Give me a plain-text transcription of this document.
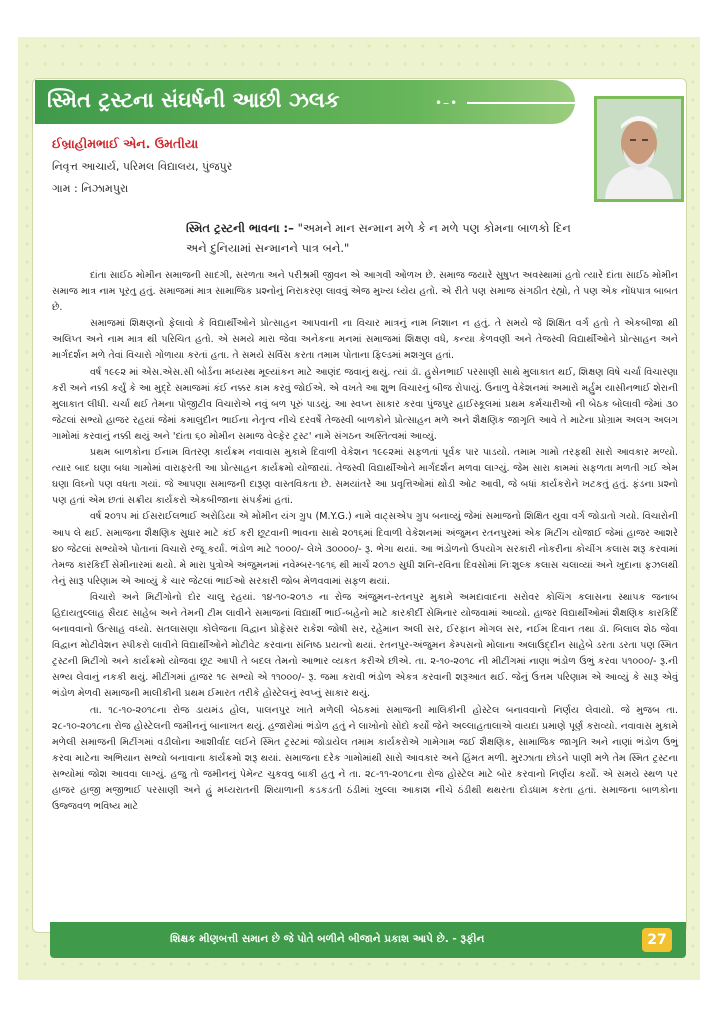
સ્મિત ટ્રસ્ટના સંઘર્ષની આછી ઝલક	•–•
ઈબ્રાહીમભાઈ એન. ઉમતીયા
નિવૃત્ત આચાર્ય, પરિમલ વિદ્યાલય, પુંજપુર
ગામ : નિઝામપુરા
સ્મિત ટ્રસ્ટની ભાવના :– "અમને માન સન્માન મળે કે ન મળે પણ કોમના બાળકો દિન અને દુનિયામાં સન્માનને પાત્ર બને."

દાંતા સાઈઠ મોમીન સમાજની સાદગી, સરળતા અને પરીશ્રમી જીવન એ આગવી ઓળખ છે. સમાજ જયારે સુષુપ્ત અવસ્થામાં હતો ત્યારે દાંતા સાઈઠ મોમીન સમાજ માત્ર નામ પૂરતુ હતું. સમાજમાં માત્ર સામાજિક પ્રશ્નોનું નિરાકરણ લાવવું એજ મુખ્ય ધ્યેય હતો. એ રીતે પણ સમાજ સંગઠીત રહ્યો, તે પણ એક નોંધપાત્ર બાબત છે.

સમાજમાં શિક્ષણનો ફેલાવો કે વિદ્યાર્થીઓને પ્રોત્સાહન આપવાની ના વિચાર માત્રનું નામ નિશાન ન હતું. તે સમયે જે શિક્ષિત વર્ગ હતો તે એકબીજા થી અલિપ્ત અને નામ માત્ર થી પરિચિત હતો. એ સમયે મારા જેવા અનેકના મનમાં સમાજમાં શિક્ષણ વધે, કન્યા કેળવણી અને તેજસ્વી વિદ્યાર્થીઓને પ્રોત્સાહન અને માર્ગદર્શન મળે તેવાં વિચારો ગોળાયા કરતાં હતા. તે સમયે સર્વિસ કરતા તમામ પોતાના ફિલ્ડમાં મશગુલ હતાં.

વર્ષ ૧૯૯૨ માં એસ.એસ.સી બોર્ડના મધ્યસ્થ મૂલ્યાંકન માટે આણંદ જવાનું થયું. ત્યાં ડૉ. હુસેનભાઈ પરસાણી સાથે મુલાકાત થઈ, શિક્ષણ વિષે ચર્ચા વિચારણા કરી અને નક્કી કર્યું કે આ મુદ્દે સમાજમાં કંઈ નક્કર કામ કરવું જોઈએ. એ વખતે આ શુભ વિચારનું બીજ રોપાયું. ઉનાળુ વેકેશનમાં અમારો મર્હુમ યાસીનભાઈ શેરાની મુલાકાત લીધી. ચર્ચા થઈ તેમના પોજીટીવ વિચારોએ નવું બળ પૂરું પાડયું. આ સ્વપ્ન સાકાર કરવા પુંજપુર હાઈસ્કૂલમાં પ્રથમ કર્મચારીઓ ની બેઠક બોલાવી જેમાં ૩૦ જેટલાં સભ્યો હાજર રહયાં જેમાં કમાલુદીન ભાઈના નેતૃત્વ નીચે દરવર્ષે તેજસ્વી બાળકોને પ્રોત્સાહન મળે અને શૈક્ષણિક જાગૃતિ આવે તે માટેના પ્રોગ્રામ અલગ અલગ ગામોમાં કરવાનું નક્કી થયું અને 'દાંતા ૬૦ મોમીન સમાજ વેલ્ફેર ટ્રસ્ટ' નામે સંગઠન અસ્તિત્વમાં આવ્યું.

પ્રથમ બાળકોના ઈનામ વિતરણ કાર્યક્રમ નવાવાસ મુકામે દિવાળી વેકેશન ૧૯૯૨માં સફળતાં પૂર્વક પાર પાડયો. તમામ ગામો તરફથી સારો આવકાર મળ્યો. ત્યાર બાદ ઘણા બધા ગામોમાં વારાફરતી આ પ્રોત્સાહન કાર્યક્રમો યોજાયાં. તેજસ્વી વિદ્યાર્થીઓને માર્ગદર્શન મળવા લાગ્યું. જેમ સારા કામમાં સફળતા મળતી ગઈ એમ ઘણા વિઘ્નો પણ વધતા ગયાં. જે આપણા સમાજની દારૂણ વાસ્તવિકતા છે. સમયાંતરે આ પ્રવૃત્તિઓમાં થોડી ઓટ આવી, જે બધાં કાર્યકરોને ખટકતું હતું. ફંડના પ્રશ્નો પણ હતાં એમ છતાં સક્રીય કાર્યકરો એકબીજાના સંપર્કમાં હતાં.

વર્ષ ૨૦૧૫ માં ઈસરાઈલભાઈ અરોડિયા એ મોમીન યંગ ગ્રુપ (M.Y.G.) નામે વાટ્સએપ ગ્રુપ બનાવ્યું જેમાં સમાજનો શિક્ષિત યુવા વર્ગ જોડાતો ગયો. વિચારોની આપ લે થઈ. સમાજના શૈક્ષણિક સુધાર માટે કંઈ કરી છૂટવાની ભાવના સાથે ૨૦૧૬માં દિવાળી વેકેશનમાં અંજુમન રતનપુરમાં એક મિટીંગ યોજાઈ જેમાં હાજર આશરે ૪૦ જેટલાં સભ્યોએ પોતાનાં વિચારો રજૂ કર્યા. ભંડોળ માટે ૧૦૦૦/- લેખે ૩૦૦૦૦/- રૂ. ભેગા થયાં. આ ભંડોળનો ઉપયોગ સરકારી નોકરીના કોચીંગ કલાસ શરૂ કરવામાં તેમજ કારકિર્દી સેમીનારમાં થયો. મે મારા પુત્રોએ અંજુમનમાં નવેમ્બર-૧૯૧૬ થી માર્ચ ૨૦૧૭ સુધી શનિ-રવિના દિવસોમાં નિઃશુલ્ક કલાસ ચલાવ્યાં અને ખુદાના ફઝલથી તેનું સારૂ પરિણામ એ આવ્યું કે ચાર જેટલાં ભાઈઓ સરકારી જોબ મેળવવામાં સફળ થયાં.

વિચારો અને મિટીંગોનો દોર ચાલુ રહયાં. ૧૪-૧૦-૨૦૧૭ ના રોજ અંજુમન-રતનપુર મુકામે અમદાવાદના સરોવર કોચિંગ કલાસના સ્થાપક જનાબ હિદાયતુલ્લાહ સૈયદ સાહેબ અને તેમની ટીમ લાવીને સમાજનાં વિદ્યાર્થી ભાઈ-બહેનો માટે કારકીર્દી સેમિનાર યોજવામાં આવ્યો. હાજર વિદ્યાર્થીઓમાં શૈક્ષણિક કારકિર્દિ બનાવવાનો ઉત્સાહ વધ્યો. સતલાસણા કોલેજના વિદ્વાન પ્રોફેસર રાકેશ જોષી સર, રહેમાન અલી સર, ઈરફાન મોગલ સર, નઈમ દિવાન તથા ડૉ. બિલાલ શેઠ જેવા વિદ્વાન મોટીવેશન સ્પીકરો લાવીને વિદ્યાર્થીઓને મોટીવેટ કરવાના સંનિષ્ઠ પ્રયત્નો થયાં. રતનપુર-અંજુમન કેમ્પસનો મોલાના અલાઉદ્દીન સાહેબે ડરતા ડરતા પણ સ્મિત ટ્રસ્ટની મિટીંગો અને કાર્યક્રમો યોજવા છૂટ આપી તે બદલ તેમનો આભાર વ્યકત કરીએ છીએ. તા. ૨-૧૦-૨૦૧૮ ની મીટીંગમાં નાણા ભંડોળ ઉભું કરવા ૫૧૦૦૦/- રૂ.ની સભ્ય લેવાનું નકકી થયું. મીટીંગમાં હાજર ૧૯ સભ્યો એ ૧૧૦૦૦/- રૂ. જમા કરાવી ભંડોળ એકત્ર કરવાની શરૂઆત થઈ. જેનું ઉત્તમ પરિણામ એ આવ્યું કે સારૂ એવું ભંડોળ મેળવી સમાજની માલીકીની પ્રથમ ઈમારત તરીકે હોસ્ટેલનું સ્વપ્નું સાકાર થયું.

તા. ૧૮-૧૦-૨૦૧૮ના રોજ ડાયમંડ હોલ, પાલનપુર ખાતે મળેલી બેઠકમાં સમાજની માલિકીની હોસ્ટેલ બનાવવાનો નિર્ણય લેવાયો. જે મુજબ તા. ૨૮-૧૦-૨૦૧૮ના રોજ હોસ્ટેલની જમીનનું બાનાખત થયું. હજારોમાં ભંડોળ હતું ને લાખોનો સોદો કર્યો જેને અલ્લાહતાલાએ વાયદા પ્રમાણે પૂર્ણ કરાવ્યો. નવાવાસ મુકામે મળેલી સમાજની મિટીંગમાં વડીલોના આશીર્વાદ લઈને સ્મિત ટ્રસ્ટમાં જોડાયેલ તમામ કાર્યકરોએ ગામેગામ જઈ શૈક્ષણિક, સામાજિક જાગૃતિ અને નાણાં ભંડોળ ઉભું કરવા માટેના અભિયાન સભ્યો બનાવાના કાર્યક્રમો શરૂ થયાં. સમાજના દરેક ગામોમાંથી સારો આવકાર અને હિંમત મળી. મુરઝાતા છોડને પાણી મળે તેમ સ્મિત ટ્રસ્ટના સભ્યોમાં જોશ આવવા લાગ્યું. હજુ તો જમીનનું પેમેન્ટ ચુકવવુ બાકી હતુ ને તા. ૨૮-૧૧-૨૦૧૮ના રોજ હોસ્ટેલ માટે બોર કરવાનો નિર્ણય કર્યો. એ સમયે સ્થળ પર હાજર હાજી મજીભાઈ પરસાણી અને હું મધ્યરાતની શિયાળાની કડકડતી ઠંડીમાં ખુલ્લા આકાશ નીચે ઠંડીથી થથરતા દોડધામ કરતા હતાં. સમાજના બાળકોના ઉજ્જવળ ભવિષ્ય માટે

શિક્ષક મીણબત્તી સમાન છે જે પોતે બળીને બીજાને પ્રકાશ આપે છે. - રૂફીન	27
